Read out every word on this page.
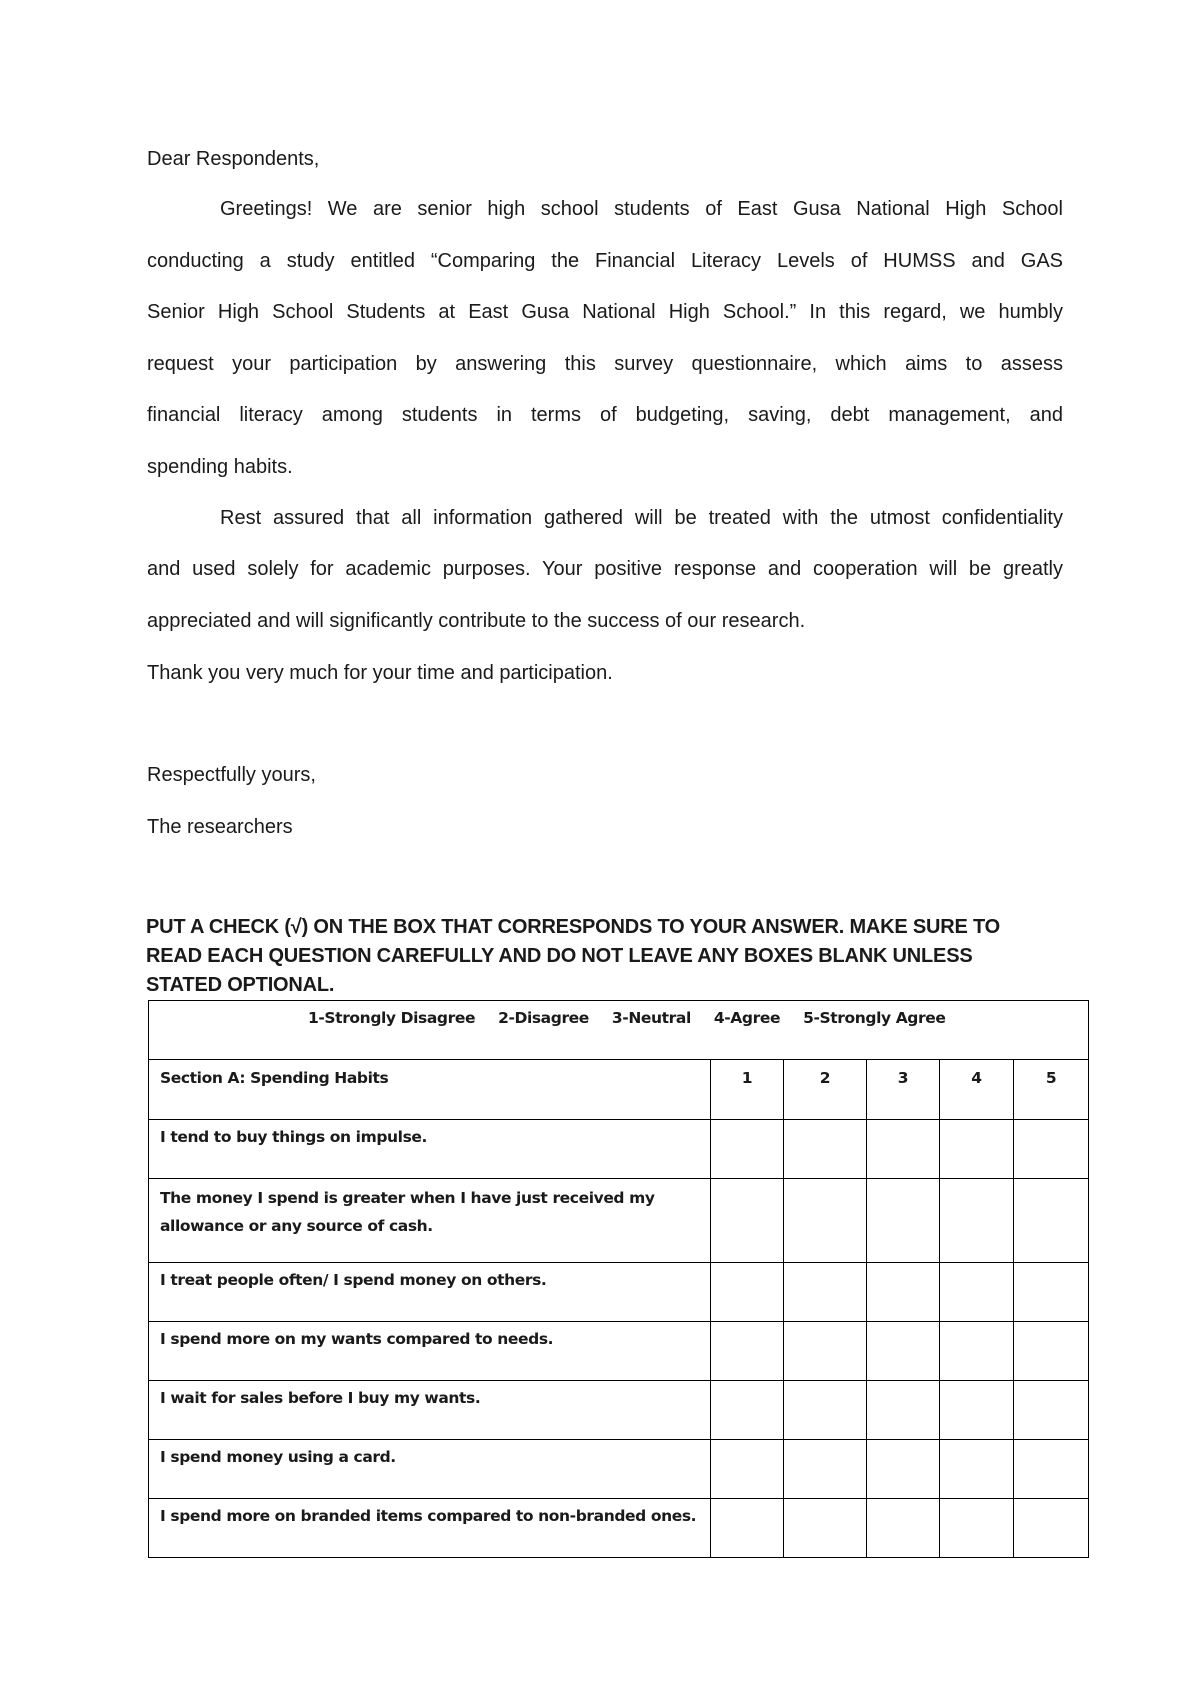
Dear Respondents,
Greetings! We are senior high school students of East Gusa National High School
conducting a study entitled “Comparing the Financial Literacy Levels of HUMSS and GAS
Senior High School Students at East Gusa National High School.” In this regard, we humbly
request your participation by answering this survey questionnaire, which aims to assess
financial literacy among students in terms of budgeting, saving, debt management, and
spending habits.
Rest assured that all information gathered will be treated with the utmost confidentiality
and used solely for academic purposes. Your positive response and cooperation will be greatly
appreciated and will significantly contribute to the success of our research.
Thank you very much for your time and participation.
Respectfully yours,
The researchers
PUT A CHECK (√) ON THE BOX THAT CORRESPONDS TO YOUR ANSWER. MAKE SURE TO READ EACH QUESTION CAREFULLY AND DO NOT LEAVE ANY BOXES BLANK UNLESS STATED OPTIONAL.
1-Strongly Disagree 2-Disagree 3-Neutral 4-Agree 5-Strongly Agree					

Section A: Spending Habits	1	2	3	4	5
I tend to buy things on impulse.					
The money I spend is greater when I have just received my allowance or any source of cash.					
I treat people often/ I spend money on others.					
I spend more on my wants compared to needs.					
I wait for sales before I buy my wants.					
I spend money using a card.					
I spend more on branded items compared to non-branded ones.					
